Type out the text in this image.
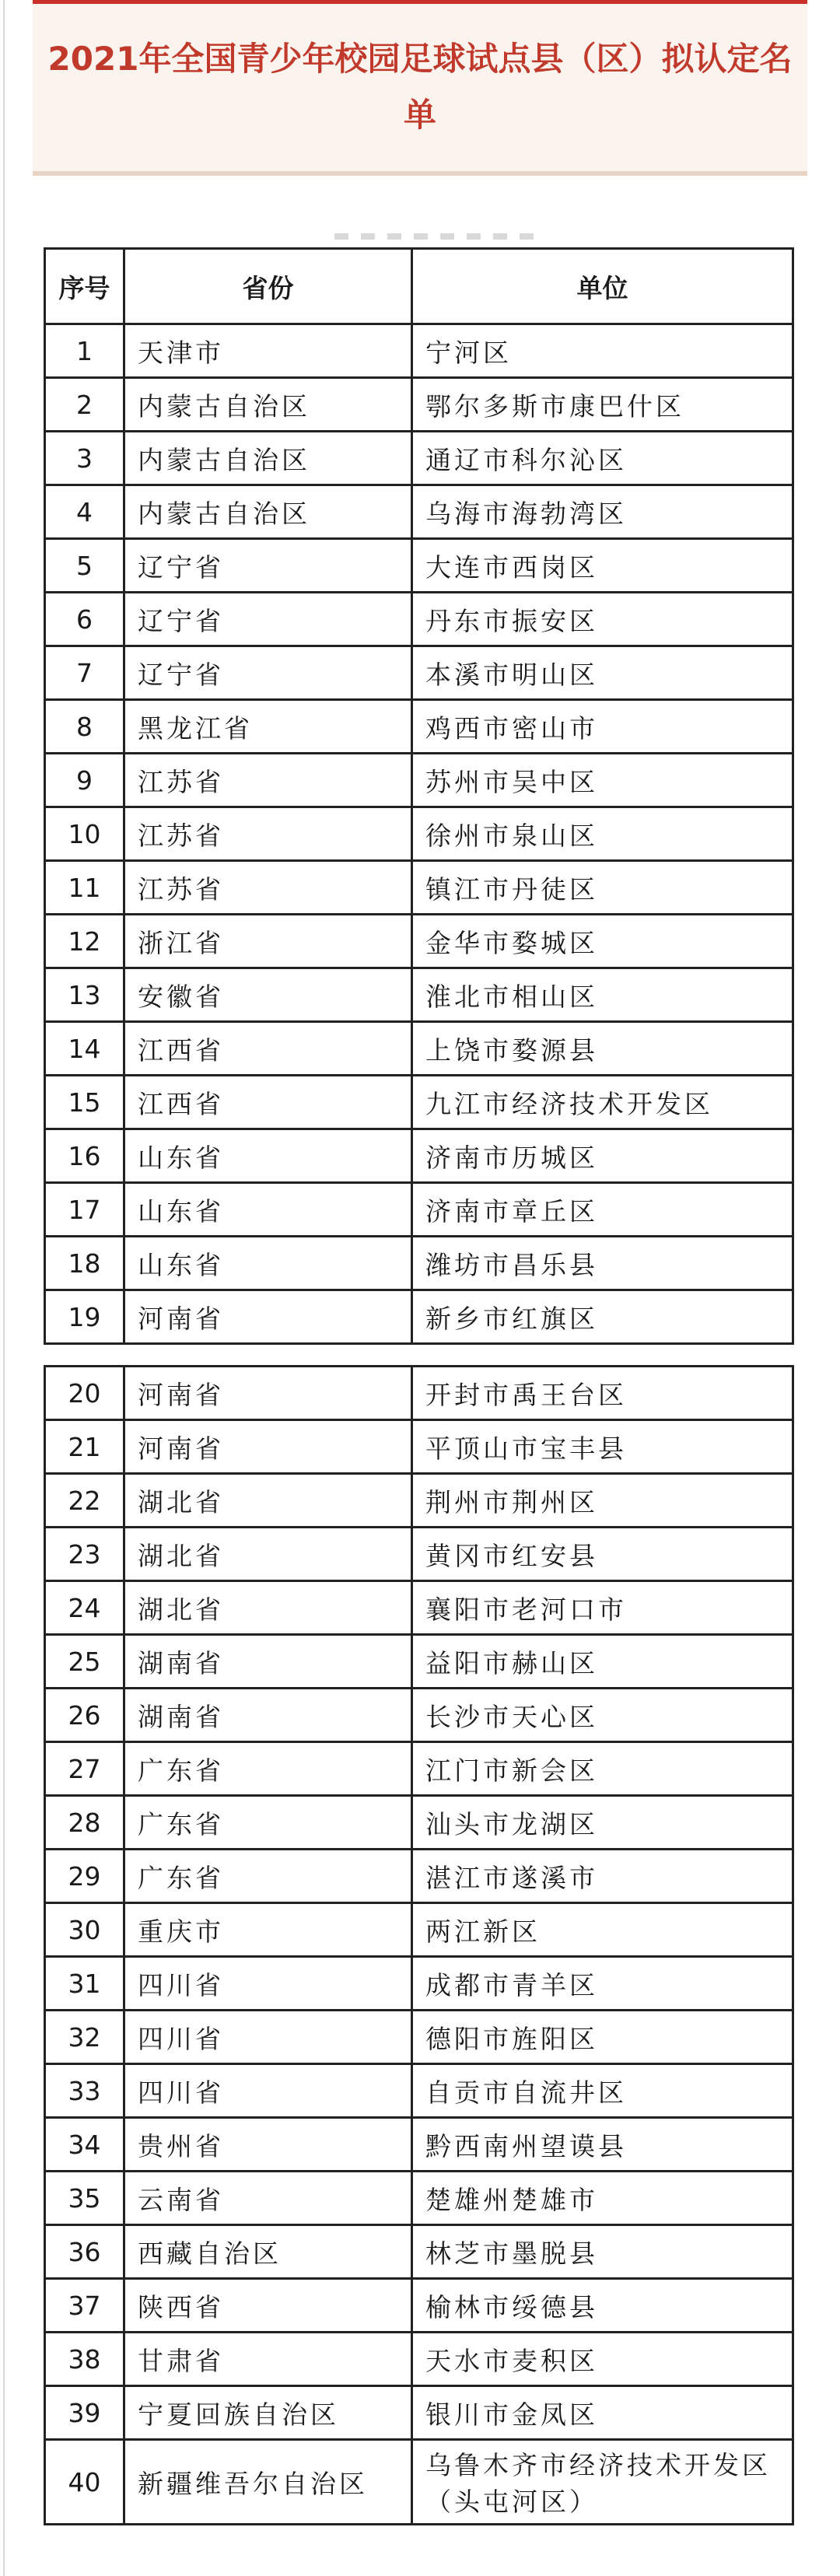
2021年全国青少年校园足球试点县（区）拟认定名单
序号	省份	单位
1	天津市	宁河区
2	内蒙古自治区	鄂尔多斯市康巴什区
3	内蒙古自治区	通辽市科尔沁区
4	内蒙古自治区	乌海市海勃湾区
5	辽宁省	大连市西岗区
6	辽宁省	丹东市振安区
7	辽宁省	本溪市明山区
8	黑龙江省	鸡西市密山市
9	江苏省	苏州市吴中区
10	江苏省	徐州市泉山区
11	江苏省	镇江市丹徒区
12	浙江省	金华市婺城区
13	安徽省	淮北市相山区
14	江西省	上饶市婺源县
15	江西省	九江市经济技术开发区
16	山东省	济南市历城区
17	山东省	济南市章丘区
18	山东省	潍坊市昌乐县
19	河南省	新乡市红旗区
20	河南省	开封市禹王台区
21	河南省	平顶山市宝丰县
22	湖北省	荆州市荆州区
23	湖北省	黄冈市红安县
24	湖北省	襄阳市老河口市
25	湖南省	益阳市赫山区
26	湖南省	长沙市天心区
27	广东省	江门市新会区
28	广东省	汕头市龙湖区
29	广东省	湛江市遂溪市
30	重庆市	两江新区
31	四川省	成都市青羊区
32	四川省	德阳市旌阳区
33	四川省	自贡市自流井区
34	贵州省	黔西南州望谟县
35	云南省	楚雄州楚雄市
36	西藏自治区	林芝市墨脱县
37	陕西省	榆林市绥德县
38	甘肃省	天水市麦积区
39	宁夏回族自治区	银川市金凤区
40	新疆维吾尔自治区	乌鲁木齐市经济技术开发区（头屯河区）
